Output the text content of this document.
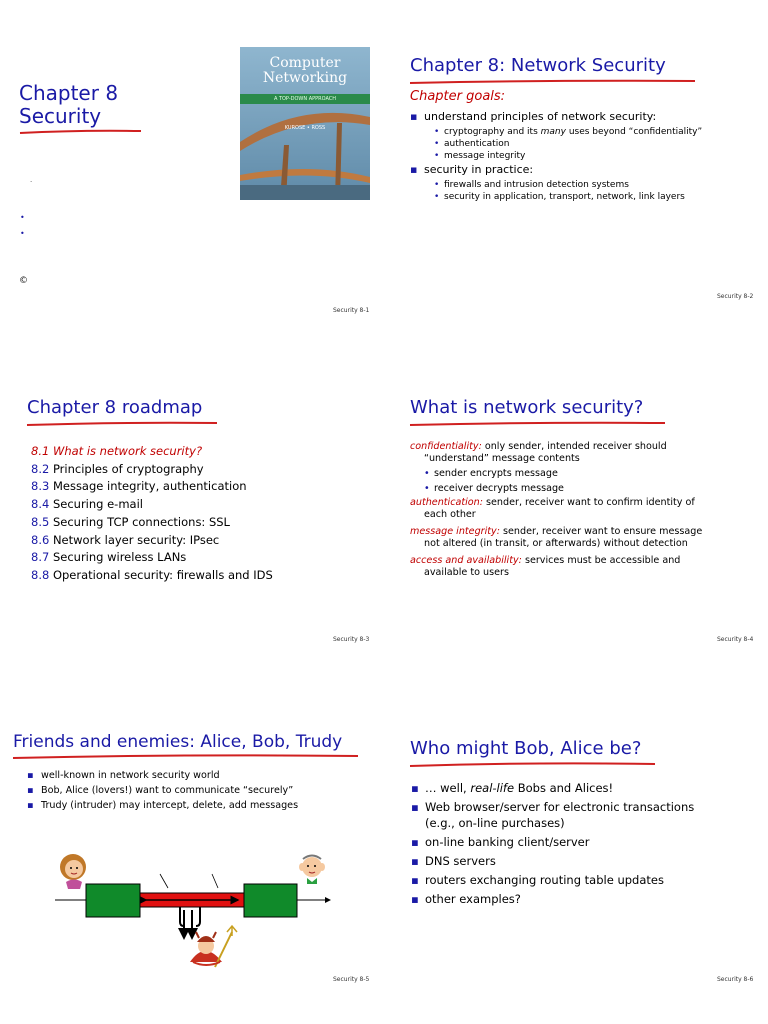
Chapter 8
Security
.
•
•
©
Computer
Networking
A TOP-DOWN APPROACH
KUROSE • ROSS
Security 8-1
Chapter 8: Network Security
Chapter goals:
▪ understand principles of network security:
• cryptography and its many uses beyond “confidentiality”
• authentication
• message integrity
▪ security in practice:
• firewalls and intrusion detection systems
• security in application, transport, network, link layers
Security 8-2
Chapter 8 roadmap
8.1 What is network security?
8.2 Principles of cryptography
8.3 Message integrity, authentication
8.4 Securing e-mail
8.5 Securing TCP connections: SSL
8.6 Network layer security: IPsec
8.7 Securing wireless LANs
8.8 Operational security: firewalls and IDS
Security 8-3
What is network security?
confidentiality: only sender, intended receiver should
“understand” message contents
• sender encrypts message
• receiver decrypts message
authentication: sender, receiver want to confirm identity of
each other
message integrity: sender, receiver want to ensure message
not altered (in transit, or afterwards) without detection
access and availability: services must be accessible and
available to users
Security 8-4
Friends and enemies: Alice, Bob, Trudy
▪ well-known in network security world
▪ Bob, Alice (lovers!) want to communicate “securely”
▪ Trudy (intruder) may intercept, delete, add messages
Security 8-5
Who might Bob, Alice be?
▪ … well, real-life Bobs and Alices!
▪ Web browser/server for electronic transactions
(e.g., on-line purchases)
▪ on-line banking client/server
▪ DNS servers
▪ routers exchanging routing table updates
▪ other examples?
Security 8-6
